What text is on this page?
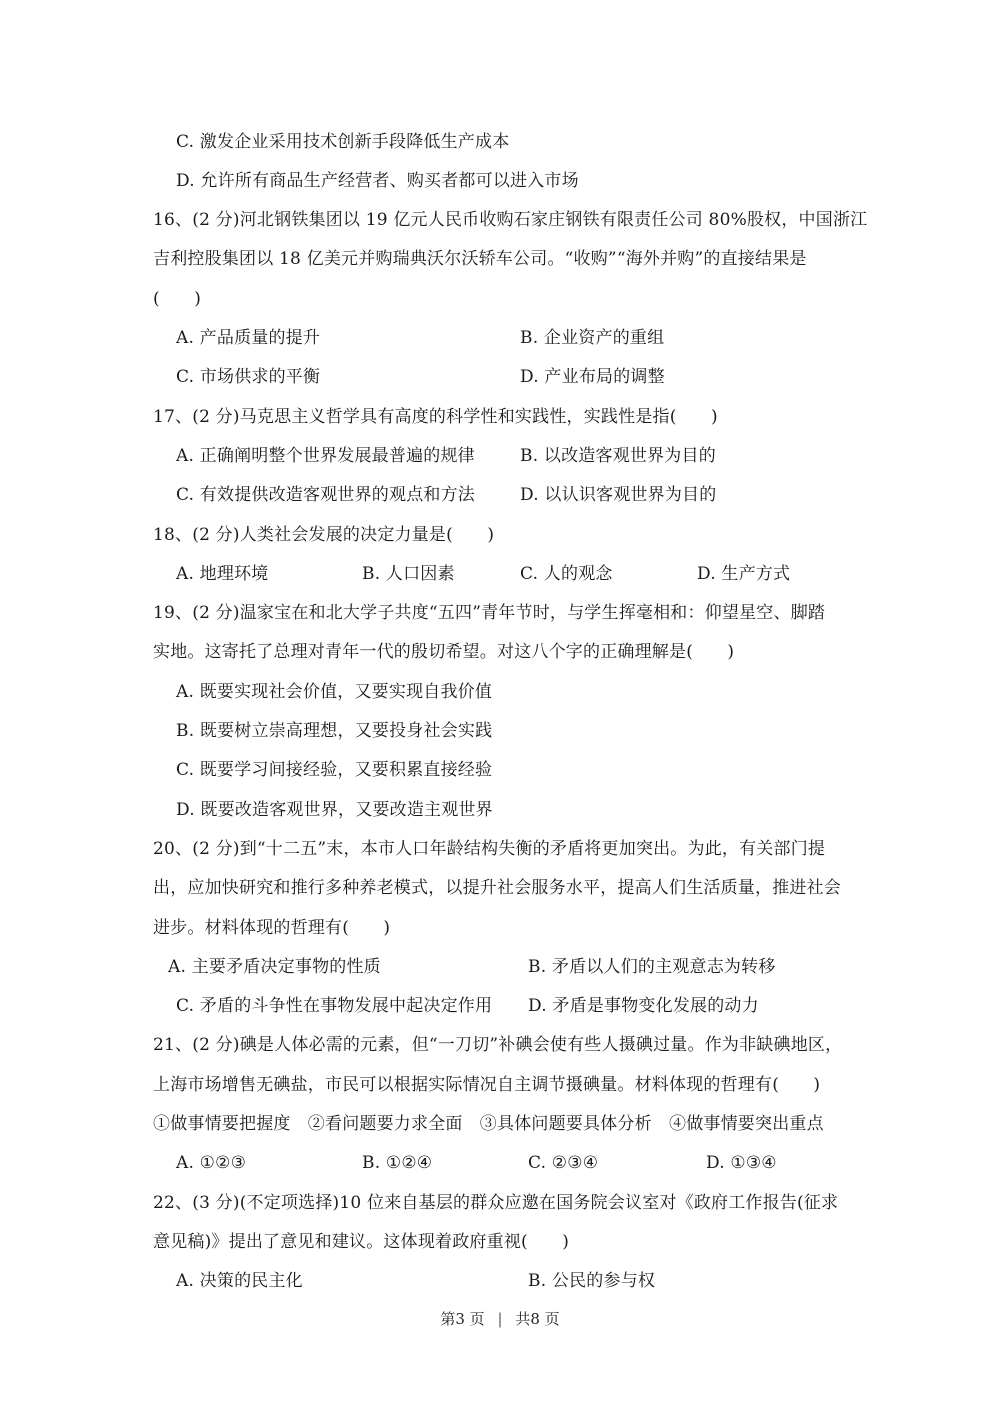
C. 激发企业采用技术创新手段降低生产成本
D. 允许所有商品生产经营者、购买者都可以进入市场
16、(2 分)河北钢铁集团以 19 亿元人民币收购石家庄钢铁有限责任公司 80%股权，中国浙江
吉利控股集团以 18 亿美元并购瑞典沃尔沃轿车公司。“收购”“海外并购”的直接结果是
(　　)
A. 产品质量的提升	B. 企业资产的重组
C. 市场供求的平衡	D. 产业布局的调整
17、(2 分)马克思主义哲学具有高度的科学性和实践性，实践性是指(　　)
A. 正确阐明整个世界发展最普遍的规律	B. 以改造客观世界为目的
C. 有效提供改造客观世界的观点和方法	D. 以认识客观世界为目的
18、(2 分)人类社会发展的决定力量是(　　)
A. 地理环境	B. 人口因素	C. 人的观念	D. 生产方式
19、(2 分)温家宝在和北大学子共度“五四”青年节时，与学生挥毫相和：仰望星空、脚踏
实地。这寄托了总理对青年一代的殷切希望。对这八个字的正确理解是(　　)
A. 既要实现社会价值，又要实现自我价值
B. 既要树立崇高理想，又要投身社会实践
C. 既要学习间接经验，又要积累直接经验
D. 既要改造客观世界，又要改造主观世界
20、(2 分)到“十二五”末，本市人口年龄结构失衡的矛盾将更加突出。为此，有关部门提
出，应加快研究和推行多种养老模式，以提升社会服务水平，提高人们生活质量，推进社会
进步。材料体现的哲理有(　　)
A. 主要矛盾决定事物的性质	B. 矛盾以人们的主观意志为转移
C. 矛盾的斗争性在事物发展中起决定作用 D. 矛盾是事物变化发展的动力
21、(2 分)碘是人体必需的元素，但“一刀切”补碘会使有些人摄碘过量。作为非缺碘地区，
上海市场增售无碘盐，市民可以根据实际情况自主调节摄碘量。材料体现的哲理有(　　)
①做事情要把握度　②看问题要力求全面　③具体问题要具体分析　④做事情要突出重点
A. ①②③	B. ①②④	C. ②③④	D. ①③④
22、(3 分)(不定项选择)10 位来自基层的群众应邀在国务院会议室对《政府工作报告(征求
意见稿)》提出了意见和建议。这体现着政府重视(　　)
A. 决策的民主化	B. 公民的参与权
第3 页 | 共8 页
